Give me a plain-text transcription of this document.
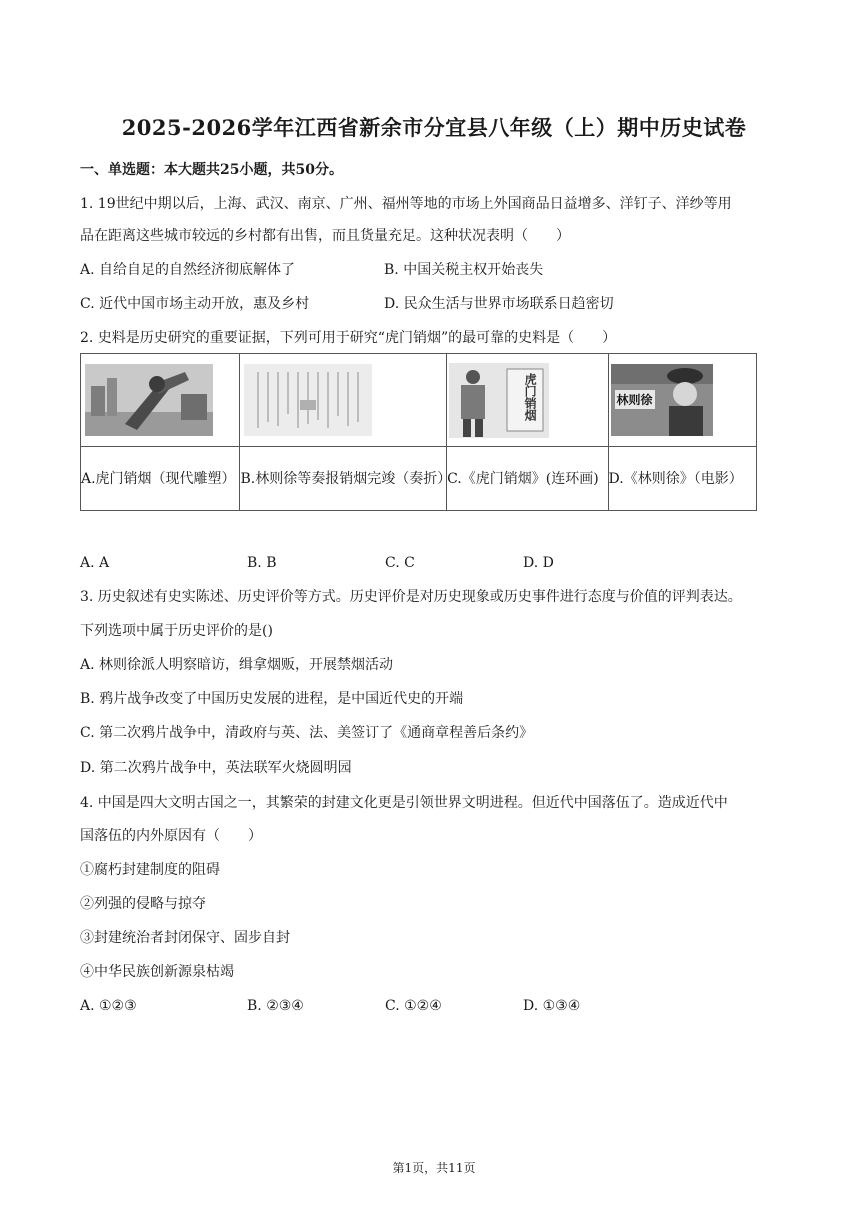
2025-2026学年江西省新余市分宜县八年级（上）期中历史试卷
一、单选题：本大题共25小题，共50分。
1. 19世纪中期以后，上海、武汉、南京、广州、福州等地的市场上外国商品日益增多、洋钉子、洋纱等用
品在距离这些城市较远的乡村都有出售，而且货量充足。这种状况表明（　　）
A. 自给自足的自然经济彻底解体了	B. 中国关税主权开始丧失
C. 近代中国市场主动开放，惠及乡村	D. 民众生活与世界市场联系日趋密切
2. 史料是历史研究的重要证据，下列可用于研究“虎门销烟”的最可靠的史料是（　　）

虎门销烟	林则徐

A.虎门销烟（现代雕塑）	B.林则徐等奏报销烟完竣（奏折）	C.《虎门销烟》(连环画)	D.《林则徐》（电影）
A. A	B. B	C. C	D. D
3. 历史叙述有史实陈述、历史评价等方式。历史评价是对历史现象或历史事件进行态度与价值的评判表达。
下列选项中属于历史评价的是()
A. 林则徐派人明察暗访，缉拿烟贩，开展禁烟活动
B. 鸦片战争改变了中国历史发展的进程，是中国近代史的开端
C. 第二次鸦片战争中，清政府与英、法、美签订了《通商章程善后条约》
D. 第二次鸦片战争中，英法联军火烧圆明园
4. 中国是四大文明古国之一，其繁荣的封建文化更是引领世界文明进程。但近代中国落伍了。造成近代中
国落伍的内外原因有（　　）
①腐朽封建制度的阻碍
②列强的侵略与掠夺
③封建统治者封闭保守、固步自封
④中华民族创新源泉枯竭
A. ①②③	B. ②③④	C. ①②④	D. ①③④
第1页，共11页
